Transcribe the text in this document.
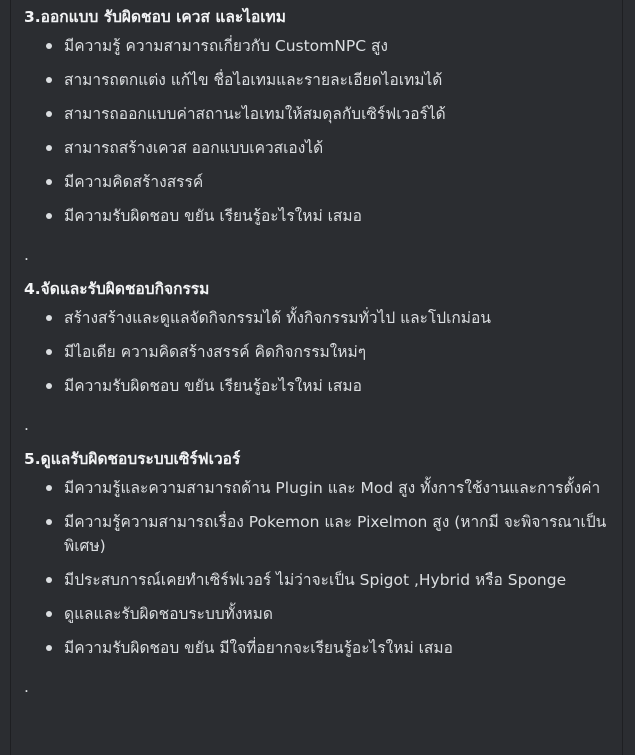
3.ออกแบบ รับผิดชอบ เควส และไอเทม

มีความรู้ ความสามารถเกี่ยวกับ CustomNPC สูง
สามารถตกแต่ง แก้ไข ชื่อไอเทมและรายละเอียดไอเทมได้
สามารถออกแบบค่าสถานะไอเทมให้สมดุลกับเซิร์ฟเวอร์ได้
สามารถสร้างเควส ออกแบบเควสเองได้
มีความคิดสร้างสรรค์
มีความรับผิดชอบ ขยัน เรียนรู้อะไรใหม่ เสมอ
.

4.จัดและรับผิดชอบกิจกรรม

สร้างสร้างและดูแลจัดกิจกรรมได้ ทั้งกิจกรรมทั่วไป และโปเกม่อน
มีไอเดีย ความคิดสร้างสรรค์ คิดกิจกรรมใหม่ๆ
มีความรับผิดชอบ ขยัน เรียนรู้อะไรใหม่ เสมอ
.

5.ดูแลรับผิดชอบระบบเซิร์ฟเวอร์

มีความรู้และความสามารถด้าน Plugin และ Mod สูง ทั้งการใช้งานและการตั้งค่า
มีความรู้ความสามารถเรื่อง Pokemon และ Pixelmon สูง (หากมี จะพิจารณาเป็นพิเศษ)
มีประสบการณ์เคยทำเซิร์ฟเวอร์ ไม่ว่าจะเป็น Spigot ,Hybrid หรือ Sponge
ดูแลและรับผิดชอบระบบทั้งหมด
มีความรับผิดชอบ ขยัน มีใจที่อยากจะเรียนรู้อะไรใหม่ เสมอ
.
